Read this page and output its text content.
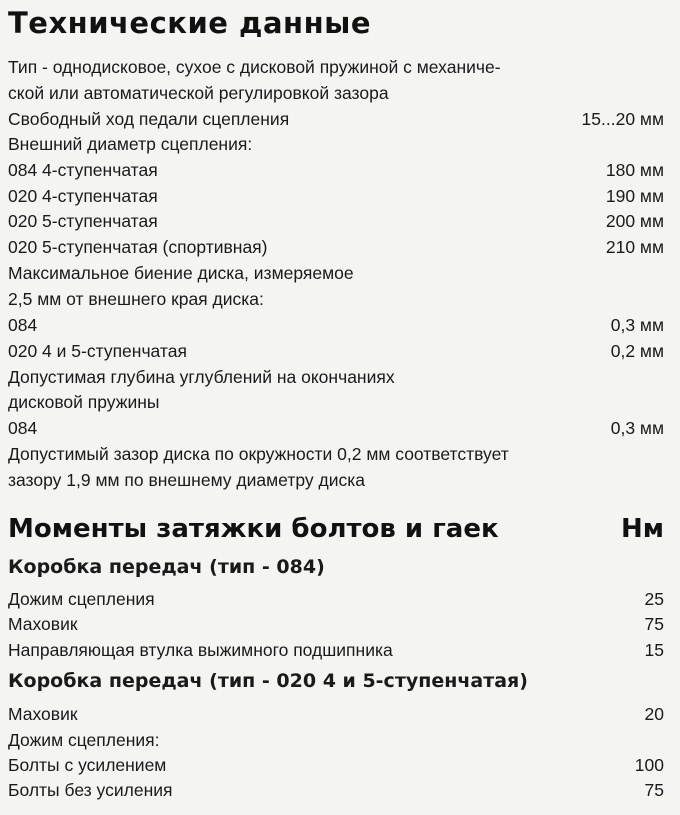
Технические данные
Тип - однодисковое, сухое с дисковой пружиной с механиче-
ской или автоматической регулировкой зазора
Свободный ход педали сцепления	15...20 мм
Внешний диаметр сцепления:
084 4-ступенчатая	180 мм
020 4-ступенчатая	190 мм
020 5-ступенчатая	200 мм
020 5-ступенчатая (спортивная)	210 мм
Максимальное биение диска, измеряемое
2,5 мм от внешнего края диска:
084	0,3 мм
020 4 и 5-ступенчатая	0,2 мм
Допустимая глубина углублений на окончаниях
дисковой пружины
084	0,3 мм
Допустимый зазор диска по окружности 0,2 мм соответствует
зазору 1,9 мм по внешнему диаметру диска
Моменты затяжки болтов и гаек	Нм
Коробка передач (тип - 084)
Дожим сцепления	25
Маховик	75
Направляющая втулка выжимного подшипника	15
Коробка передач (тип - 020 4 и 5-ступенчатая)
Маховик	20
Дожим сцепления:
Болты с усилением	100
Болты без усиления	75
